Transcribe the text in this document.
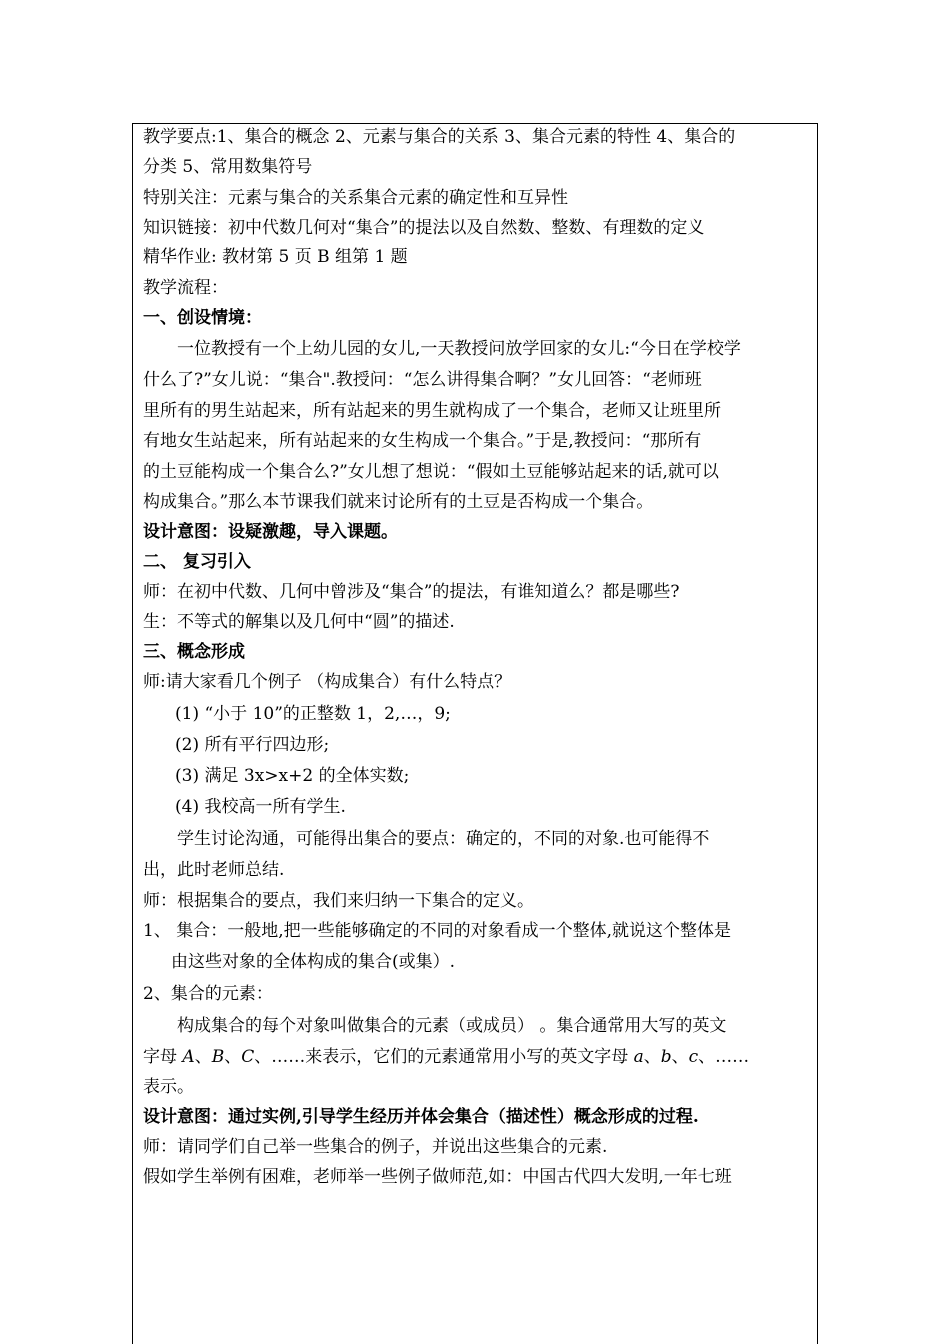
教学要点:1、集合的概念 2、元素与集合的关系 3、集合元素的特性 4、集合的
分类 5、常用数集符号
特别关注：元素与集合的关系集合元素的确定性和互异性
知识链接：初中代数几何对“集合”的提法以及自然数、整数、有理数的定义
精华作业: 教材第 5 页 B 组第 1 题
教学流程：
一、创设情境：
一位教授有一个上幼儿园的女儿,一天教授问放学回家的女儿:“今日在学校学
什么了?”女儿说：“集合".教授问：“怎么讲得集合啊？”女儿回答：“老师班
里所有的男生站起来，所有站起来的男生就构成了一个集合，老师又让班里所
有地女生站起来，所有站起来的女生构成一个集合。”于是,教授问：“那所有
的土豆能构成一个集合么?”女儿想了想说：“假如土豆能够站起来的话,就可以
构成集合。”那么本节课我们就来讨论所有的土豆是否构成一个集合。
设计意图：设疑激趣，导入课题。
二、 复习引入
师：在初中代数、几何中曾涉及“集合”的提法，有谁知道么？都是哪些?
生：不等式的解集以及几何中“圆”的描述.
三、概念形成
师:请大家看几个例子 （构成集合）有什么特点？
(1) “小于 10”的正整数 1，2,…，9;
(2) 所有平行四边形;
(3) 满足 3x>x+2 的全体实数;
(4) 我校高一所有学生.
学生讨论沟通，可能得出集合的要点：确定的，不同的对象.也可能得不
出，此时老师总结.
师：根据集合的要点，我们来归纳一下集合的定义。
1、 集合：一般地,把一些能够确定的不同的对象看成一个整体,就说这个整体是
由这些对象的全体构成的集合(或集）.
2、集合的元素：
构成集合的每个对象叫做集合的元素（或成员） 。集合通常用大写的英文
字母 A、B、C、……来表示，它们的元素通常用小写的英文字母 a、b、c、……
表示。
设计意图：通过实例,引导学生经历并体会集合（描述性）概念形成的过程.
师：请同学们自己举一些集合的例子，并说出这些集合的元素.
假如学生举例有困难，老师举一些例子做师范,如：中国古代四大发明,一年七班
